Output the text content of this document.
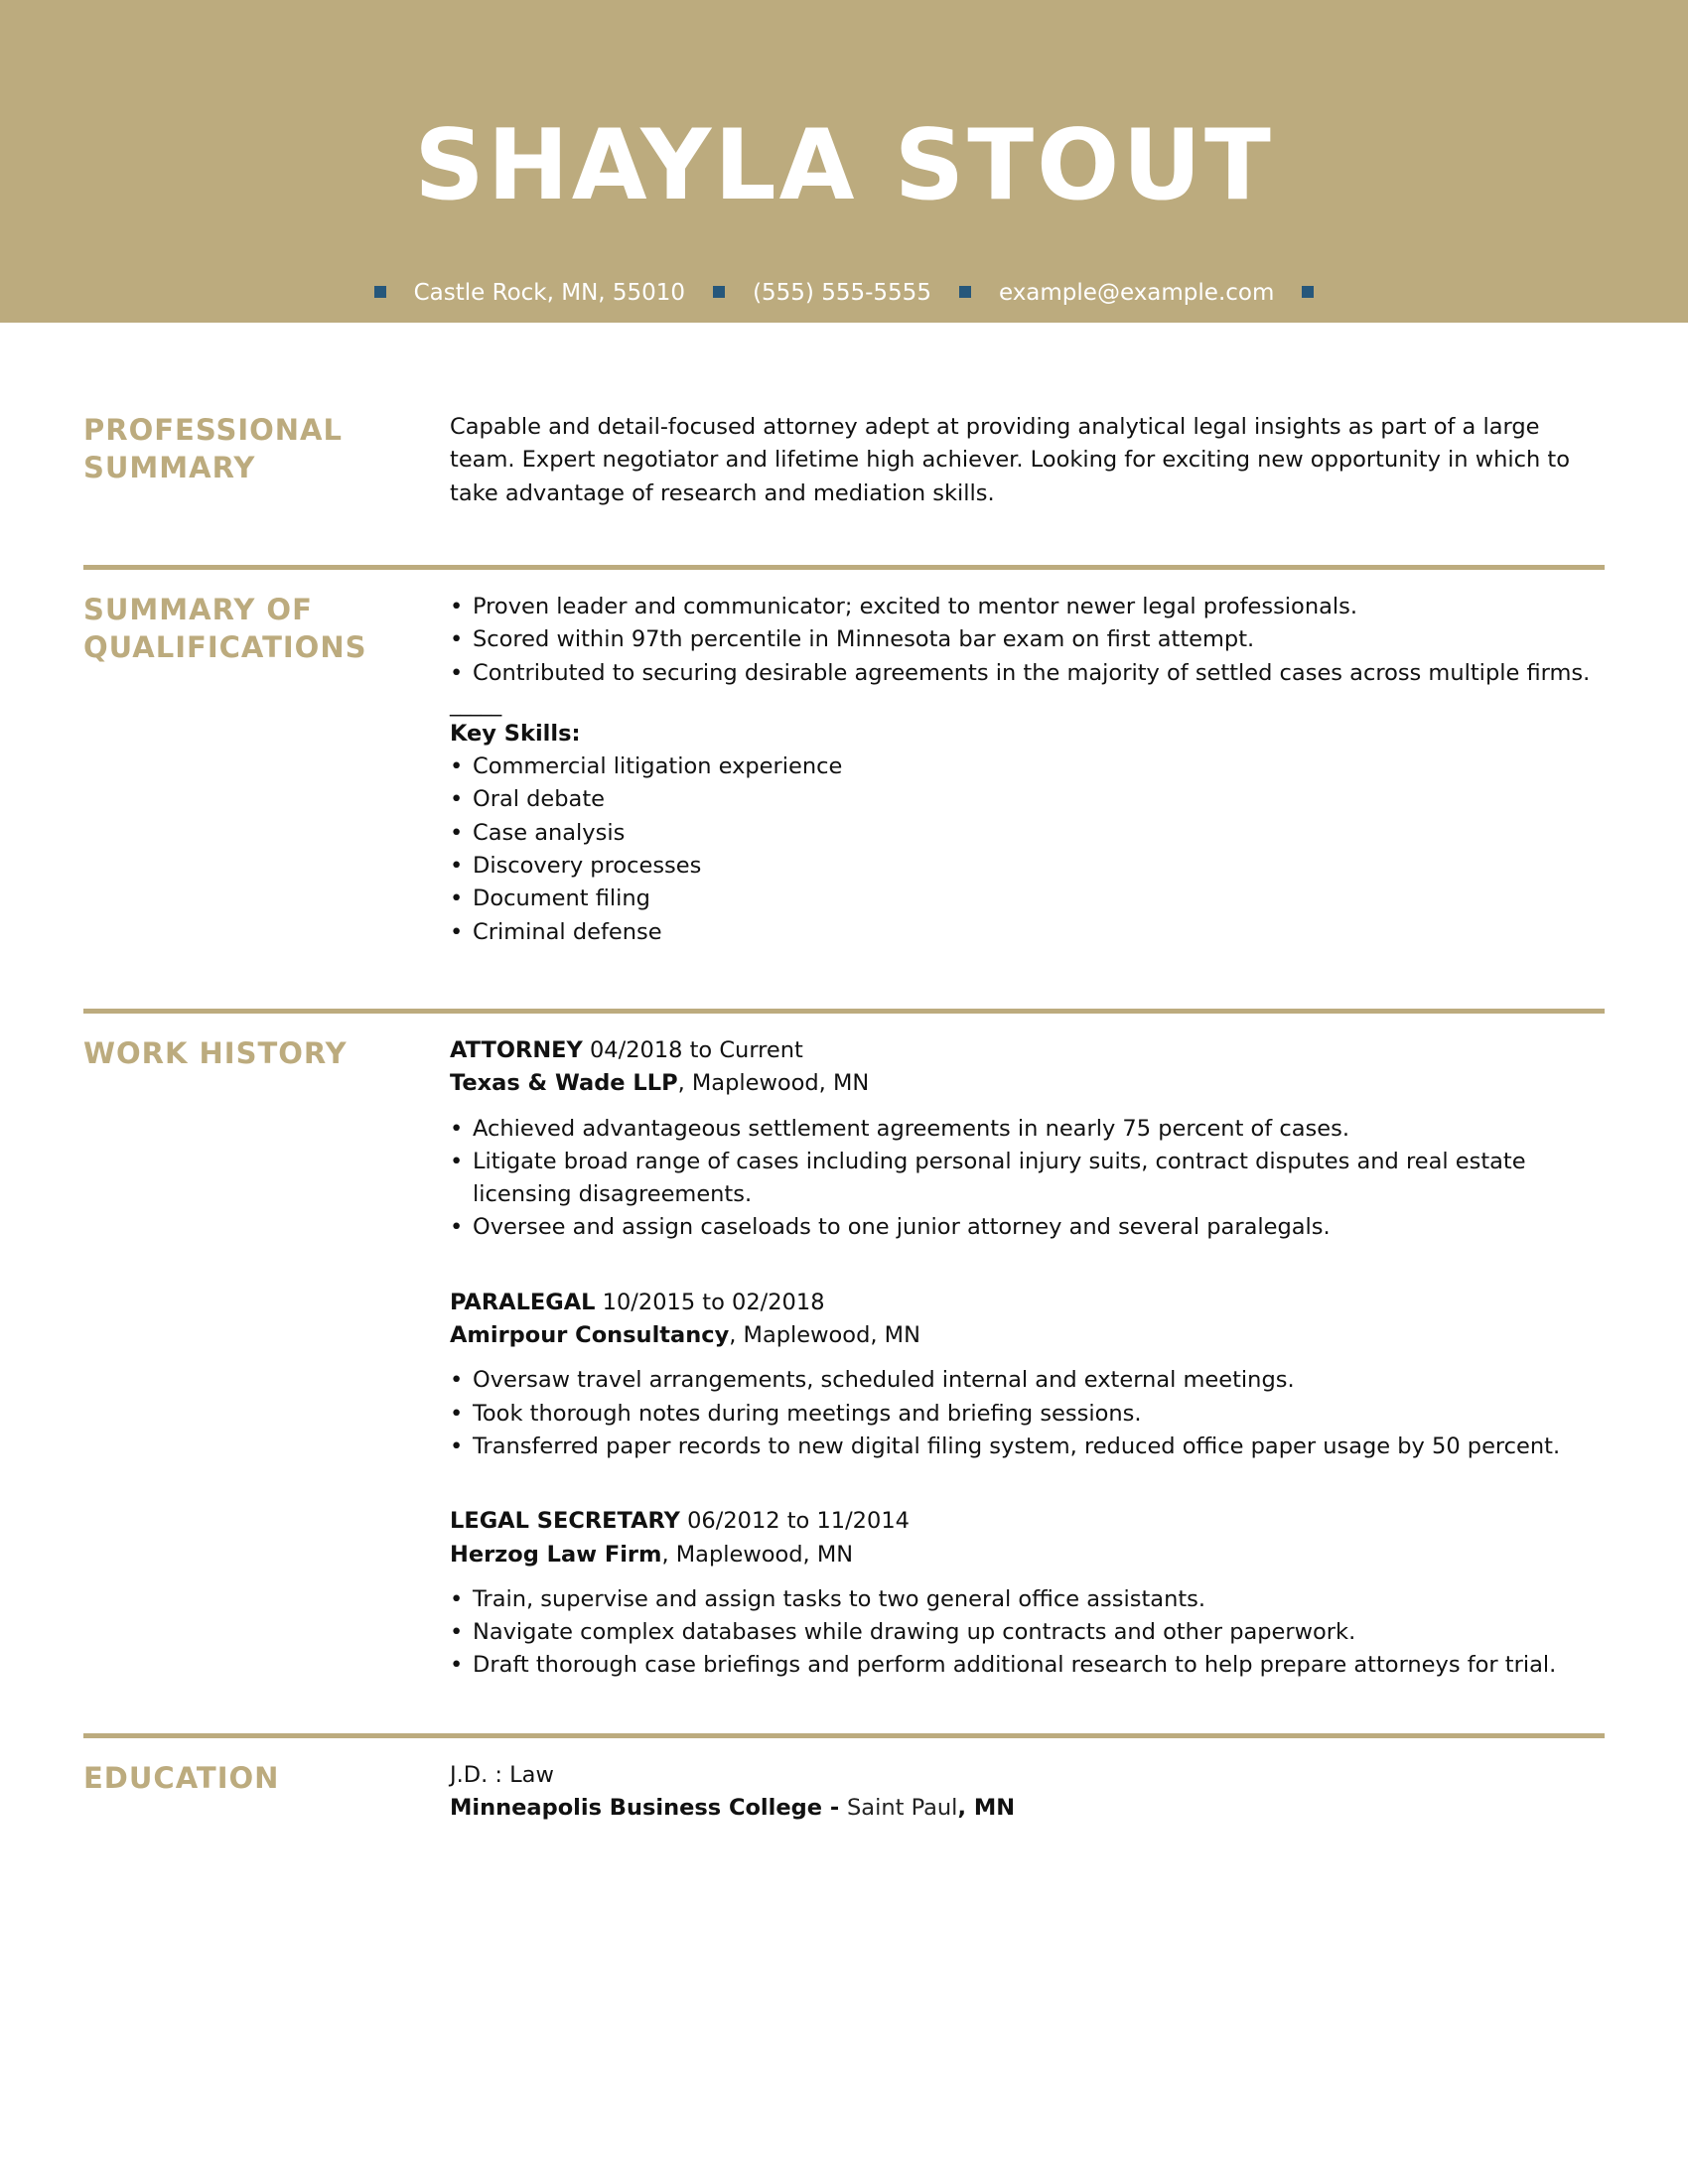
SHAYLA STOUT
Castle Rock, MN, 55010	(555) 555-5555	example@example.com
PROFESSIONAL SUMMARY
Capable and detail-focused attorney adept at providing analytical legal insights as part of a large team. Expert negotiator and lifetime high achiever. Looking for exciting new opportunity in which to take advantage of research and mediation skills.
SUMMARY OF QUALIFICATIONS
• Proven leader and communicator; excited to mentor newer legal professionals.
• Scored within 97th percentile in Minnesota bar exam on first attempt.
• Contributed to securing desirable agreements in the majority of settled cases across multiple firms.
_____
Key Skills:
• Commercial litigation experience
• Oral debate
• Case analysis
• Discovery processes
• Document filing
• Criminal defense
WORK HISTORY	ATTORNEY 04/2018 to Current
Texas & Wade LLP, Maplewood, MN
• Achieved advantageous settlement agreements in nearly 75 percent of cases.
• Litigate broad range of cases including personal injury suits, contract disputes and real estate licensing disagreements.
• Oversee and assign caseloads to one junior attorney and several paralegals.
PARALEGAL 10/2015 to 02/2018
Amirpour Consultancy, Maplewood, MN
• Oversaw travel arrangements, scheduled internal and external meetings.
• Took thorough notes during meetings and briefing sessions.
• Transferred paper records to new digital filing system, reduced office paper usage by 50 percent.
LEGAL SECRETARY 06/2012 to 11/2014
Herzog Law Firm, Maplewood, MN
• Train, supervise and assign tasks to two general office assistants.
• Navigate complex databases while drawing up contracts and other paperwork.
• Draft thorough case briefings and perform additional research to help prepare attorneys for trial.
EDUCATION	J.D. : Law
Minneapolis Business College - Saint Paul, MN
